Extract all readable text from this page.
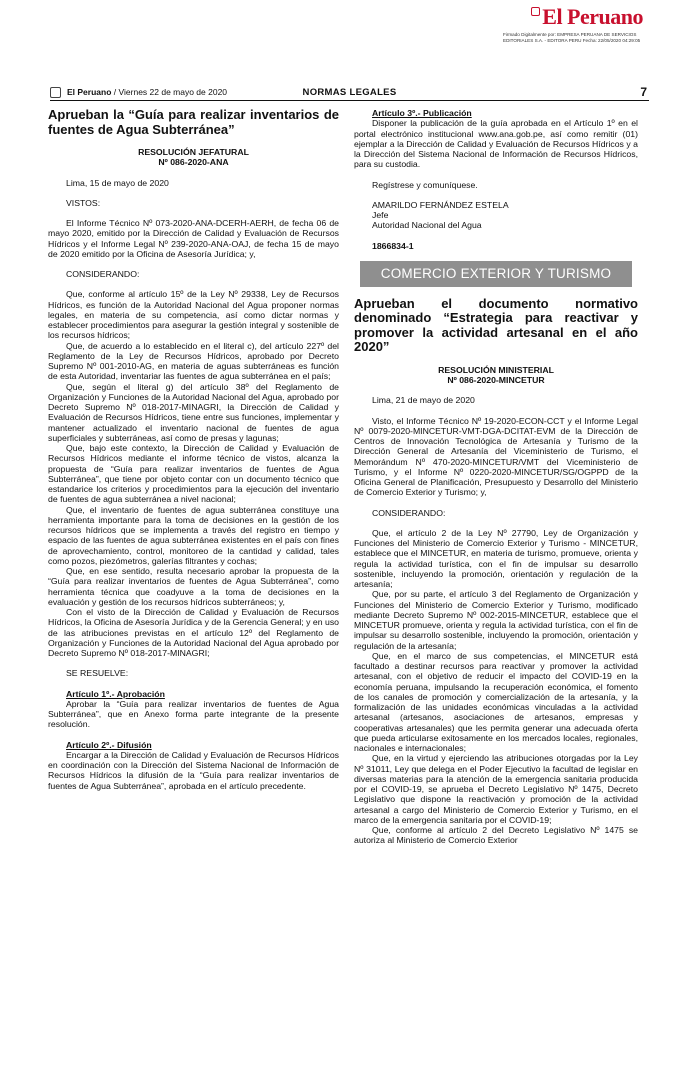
El Peruano
Firmado Digitalmente por: EMPRESA PERUANA DE SERVICIOS EDITORIALES S.A. - EDITORA PERU Fecha: 22/05/2020 04:29:05
El Peruano / Viernes 22 de mayo de 2020	NORMAS LEGALES	7
Aprueban la “Guía para realizar inventarios de fuentes de Agua Subterránea”
RESOLUCIÓN JEFATURAL
Nº 086-2020-ANA

Lima, 15 de mayo de 2020

VISTOS:

El Informe Técnico Nº 073-2020-ANA-DCERH-AERH, de fecha 06 de mayo 2020, emitido por la Dirección de Calidad y Evaluación de Recursos Hídricos y el Informe Legal Nº 239-2020-ANA-OAJ, de fecha 15 de mayo de 2020 emitido por la Oficina de Asesoría Jurídica; y,

CONSIDERANDO:

Que, conforme al artículo 15º de la Ley Nº 29338, Ley de Recursos Hídricos, es función de la Autoridad Nacional del Agua proponer normas legales, en materia de su competencia, así como dictar normas y establecer procedimientos para asegurar la gestión integral y sostenible de los recursos hídricos;

Que, de acuerdo a lo establecido en el literal c), del artículo 227º del Reglamento de la Ley de Recursos Hídricos, aprobado por Decreto Supremo Nº 001-2010-AG, en materia de aguas subterráneas es función de esta Autoridad, inventariar las fuentes de agua subterránea en el país;

Que, según el literal g) del artículo 38º del Reglamento de Organización y Funciones de la Autoridad Nacional del Agua, aprobado por Decreto Supremo Nº 018-2017-MINAGRI, la Dirección de Calidad y Evaluación de Recursos Hídricos, tiene entre sus funciones, implementar y mantener actualizado el inventario nacional de fuentes de agua superficiales y subterráneas, así como de presas y lagunas;

Que, bajo este contexto, la Dirección de Calidad y Evaluación de Recursos Hídricos mediante el informe técnico de vistos, alcanza la propuesta de “Guía para realizar inventarios de fuentes de Agua Subterránea”, que tiene por objeto contar con un documento técnico que estandarice los criterios y procedimientos para la ejecución del inventario de fuentes de agua subterránea a nivel nacional;

Que, el inventario de fuentes de agua subterránea constituye una herramienta importante para la toma de decisiones en la gestión de los recursos hídricos que se implementa a través del registro en tiempo y espacio de las fuentes de agua subterránea existentes en el país con fines de aprovechamiento, control, monitoreo de la cantidad y calidad, tales como pozos, piezómetros, galerías filtrantes y cochas;

Que, en ese sentido, resulta necesario aprobar la propuesta de la “Guía para realizar inventarios de fuentes de Agua Subterránea”, como herramienta técnica que coadyuve a la toma de decisiones en la evaluación y gestión de los recursos hídricos subterráneos; y,

Con el visto de la Dirección de Calidad y Evaluación de Recursos Hídricos, la Oficina de Asesoría Jurídica y de la Gerencia General; y en uso de las atribuciones previstas en el artículo 12º del Reglamento de Organización y Funciones de la Autoridad Nacional del Agua aprobado por Decreto Supremo Nº 018-2017-MINAGRI;

SE RESUELVE:

Artículo 1º.- Aprobación

Aprobar la “Guía para realizar inventarios de fuentes de Agua Subterránea”, que en Anexo forma parte integrante de la presente resolución.

Artículo 2º.- Difusión

Encargar a la Dirección de Calidad y Evaluación de Recursos Hídricos en coordinación con la Dirección del Sistema Nacional de Información de Recursos Hídricos la difusión de la “Guía para realizar inventarios de fuentes de Agua Subterránea”, aprobada en el artículo precedente.

Artículo 3º.- Publicación

Disponer la publicación de la guía aprobada en el Artículo 1º en el portal electrónico institucional www.ana.gob.pe, así como remitir (01) ejemplar a la Dirección de Calidad y Evaluación de Recursos Hídricos y a la Dirección del Sistema Nacional de Información de Recursos Hídricos, para su custodia.

Regístrese y comuníquese.

AMARILDO FERNÁNDEZ ESTELA

Jefe

Autoridad Nacional del Agua

1866834-1

COMERCIO EXTERIOR Y TURISMO
Aprueban el documento normativo denominado “Estrategia para reactivar y promover la actividad artesanal en el año 2020”
RESOLUCIÓN MINISTERIAL
Nº 086-2020-MINCETUR

Lima, 21 de mayo de 2020

Visto, el Informe Técnico Nº 19-2020-ECON-CCT y el Informe Legal Nº 0079-2020-MINCETUR-VMT-DGA-DCITAT-EVM de la Dirección de Centros de Innovación Tecnológica de Artesanía y Turismo de la Dirección General de Artesanía del Viceministerio de Turismo, el Memorándum Nº 470-2020-MINCETUR/VMT del Viceministerio de Turismo, y el Informe Nº 0220-2020-MINCETUR/SG/OGPPD de la Oficina General de Planificación, Presupuesto y Desarrollo del Ministerio de Comercio Exterior y Turismo; y,

CONSIDERANDO:

Que, el artículo 2 de la Ley Nº 27790, Ley de Organización y Funciones del Ministerio de Comercio Exterior y Turismo - MINCETUR, establece que el MINCETUR, en materia de turismo, promueve, orienta y regula la actividad turística, con el fin de impulsar su desarrollo sostenible, incluyendo la promoción, orientación y regulación de la artesanía;

Que, por su parte, el artículo 3 del Reglamento de Organización y Funciones del Ministerio de Comercio Exterior y Turismo, modificado mediante Decreto Supremo Nº 002-2015-MINCETUR, establece que el MINCETUR promueve, orienta y regula la actividad turística, con el fin de impulsar su desarrollo sostenible, incluyendo la promoción, orientación y regulación de la artesanía;

Que, en el marco de sus competencias, el MINCETUR está facultado a destinar recursos para reactivar y promover la actividad artesanal, con el objetivo de reducir el impacto del COVID-19 en la economía peruana, impulsando la recuperación económica, el fomento de los canales de promoción y comercialización de la artesanía, y la formalización de las unidades económicas vinculadas a la actividad artesanal (artesanos, asociaciones de artesanos, empresas y cooperativas artesanales) que les permita generar una adecuada oferta que pueda articularse exitosamente en los mercados locales, regionales, nacionales e internacionales;

Que, en la virtud y ejerciendo las atribuciones otorgadas por la Ley Nº 31011, Ley que delega en el Poder Ejecutivo la facultad de legislar en diversas materias para la atención de la emergencia sanitaria producida por el COVID-19, se aprueba el Decreto Legislativo Nº 1475, Decreto Legislativo que dispone la reactivación y promoción de la actividad artesanal a cargo del Ministerio de Comercio Exterior y Turismo, en el marco de la emergencia sanitaria por el COVID-19;

Que, conforme al artículo 2 del Decreto Legislativo Nº 1475 se autoriza al Ministerio de Comercio Exterior
